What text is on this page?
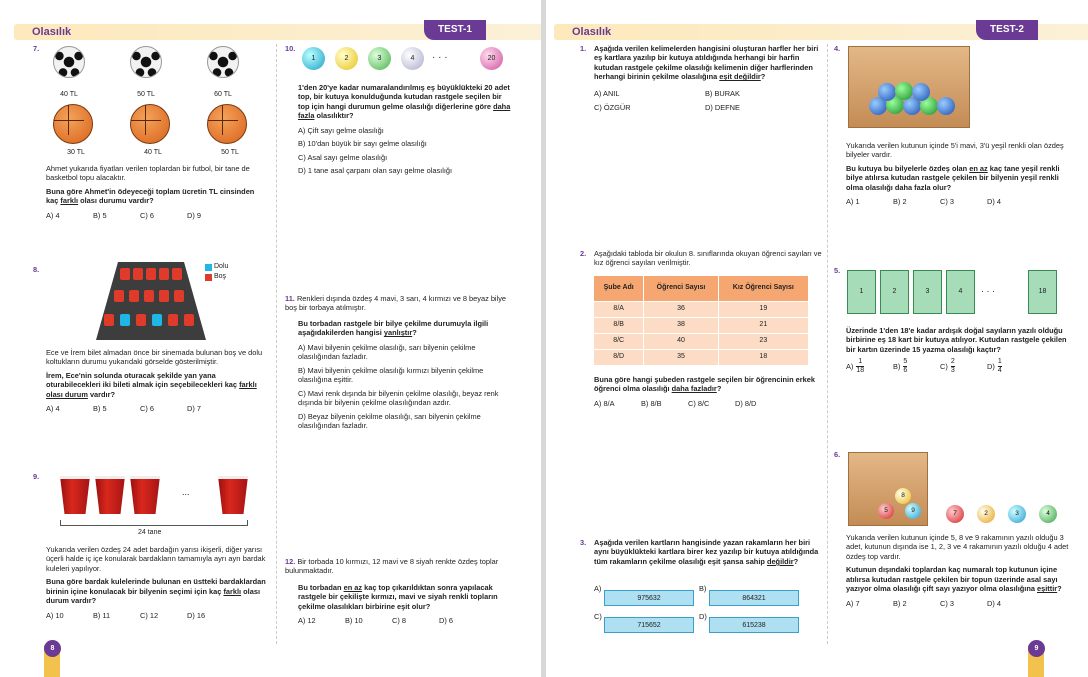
Olasılık	TEST-1
7.
40 TL	50 TL	60 TL
30 TL	40 TL	50 TL
Ahmet yukarıda fiyatları verilen toplardan bir futbol, bir tane de basketbol topu alacaktır.
Buna göre Ahmet'in ödeyeceği toplam ücretin TL cinsinden kaç farklı olası durumu vardır?
A) 4	B) 5	C) 6	D) 9
8.	Dolu
Boş
Ece ve İrem bilet almadan önce bir sinemada bulunan boş ve dolu koltukların durumu yukarıdaki görselde gösterilmiştir.
İrem, Ece'nin solunda oturacak şekilde yan yana oturabilecekleri iki bileti almak için seçebilecekleri kaç farklı olası durum vardır?
A) 4	B) 5	C) 6	D) 7
9.
...
24 tane
Yukarıda verilen özdeş 24 adet bardağın yarısı ikişerli, diğer yarısı üçerli halde iç içe konularak bardakların tamamıyla ayrı ayrı bardak kuleleri yapılıyor.
Buna göre bardak kulelerinde bulunan en üstteki bardaklardan birinin içine konulacak bir bilyenin seçimi için kaç farklı olası durum vardır?
A) 10	B) 11	C) 12	D) 16
10.
1	2	3	4	· · ·	20
1'den 20'ye kadar numaralandırılmış eş büyüklükteki 20 adet top, bir kutuya konulduğunda kutudan rastgele seçilen bir top için hangi durumun gelme olasılığı diğerlerine göre daha fazla olasılıktır?
A) Çift sayı gelme olasılığı
B) 10'dan büyük bir sayı gelme olasılığı
C) Asal sayı gelme olasılığı
D) 1 tane asal çarpanı olan sayı gelme olasılığı
11. Renkleri dışında özdeş 4 mavi, 3 sarı, 4 kırmızı ve 8 beyaz bilye boş bir torbaya atılmıştır.
Bu torbadan rastgele bir bilye çekilme durumuyla ilgili aşağıdakilerden hangisi yanlıştır?
A) Mavi bilyenin çekilme olasılığı, sarı bilyenin çekilme olasılığından fazladır.
B) Mavi bilyenin çekilme olasılığı kırmızı bilyenin çekilme olasılığına eşittir.
C) Mavi renk dışında bir bilyenin çekilme olasılığı, beyaz renk dışında bir bilyenin çekilme olasılığından azdır.
D) Beyaz bilyenin çekilme olasılığı, sarı bilyenin çekilme olasılığından fazladır.
12. Bir torbada 10 kırmızı, 12 mavi ve 8 siyah renkte özdeş toplar bulunmaktadır.
Bu torbadan en az kaç top çıkarıldıktan sonra yapılacak rastgele bir çekilişte kırmızı, mavi ve siyah renkli topların çekilme olasılıkları birbirine eşit olur?
A) 12	B) 10	C) 8	D) 6
8
Olasılık	TEST-2
1.	Aşağıda verilen kelimelerden hangisini oluşturan harfler her biri eş kartlara yazılıp bir kutuya atıldığında herhangi bir harfin kutudan rastgele çekilme olasılığı kelimenin diğer harflerinden herhangi birinin çekilme olasılığına eşit değildir?
A) ANIL	B) BURAK
C) ÖZGÜR	D) DEFNE
2.	Aşağıdaki tabloda bir okulun 8. sınıflarında okuyan öğrenci sayıları ve kız öğrenci sayıları verilmiştir.
Şube Adı	Öğrenci Sayısı	Kız Öğrenci Sayısı
8/A	36	19
8/B	38	21
8/C	40	23
8/D	35	18
Buna göre hangi şubeden rastgele seçilen bir öğrencinin erkek öğrenci olma olasılığı daha fazladır?
A) 8/A	B) 8/B	C) 8/C	D) 8/D
3.	Aşağıda verilen kartların hangisinde yazan rakamların her biri aynı büyüklükteki kartlara birer kez yazılıp bir kutuya atıldığında tüm rakamların çekilme olasılığı eşit şansa sahip değildir?
A)
975632
B)
864321
C)
715652
D)
615238
4.
Yukarıda verilen kutunun içinde 5'i mavi, 3'ü yeşil renkli olan özdeş bilyeler vardır.
Bu kutuya bu bilyelerle özdeş olan en az kaç tane yeşil renkli bilye atılırsa kutudan rastgele çekilen bir bilyenin yeşil renkli olma olasılığı daha fazla olur?
A) 1	B) 2	C) 3	D) 4
5.
1	2	3	4	· · ·	18
Üzerinde 1'den 18'e kadar ardışık doğal sayıların yazılı olduğu birbirine eş 18 kart bir kutuya atılıyor. Kutudan rastgele çekilen bir kartın üzerinde 15 yazma olasılığı kaçtır?
$A) \frac{1}{18}$	$B) \frac{5}{6}$	$C) \frac{2}{3}$	$D) \frac{1}{4}$
6.
8
5	9	7	2	3	4
Yukarıda verilen kutunun içinde 5, 8 ve 9 rakamının yazılı olduğu 3 adet, kutunun dışında ise 1, 2, 3 ve 4 rakamının yazılı olduğu 4 adet özdeş top vardır.
Kutunun dışındaki toplardan kaç numaralı top kutunun içine atılırsa kutudan rastgele çekilen bir topun üzerinde asal sayı yazıyor olma olasılığı çift sayı yazıyor olma olasılığına eşittir?
A) 7	B) 2	C) 3	D) 4
9
